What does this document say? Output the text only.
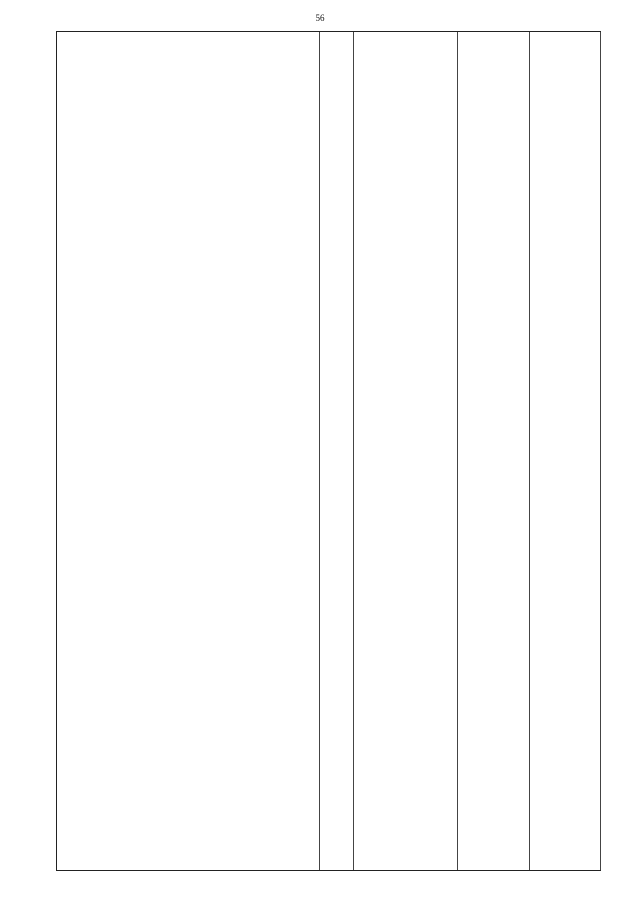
56
